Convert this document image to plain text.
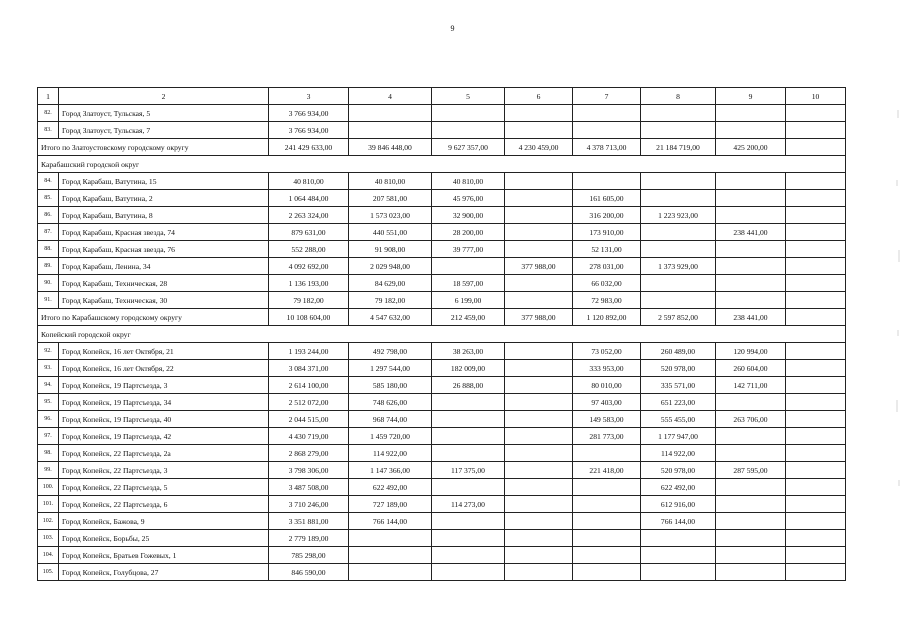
9
1	2	3	4	5	6	7	8	9	10
82.	Город Златоуст, Тульская, 5	3 766 934,00							
83.	Город Златоуст, Тульская, 7	3 766 934,00							
Итого по Златоустовскому городскому округу		241 429 633,00	39 846 448,00	9 627 357,00	4 230 459,00	4 378 713,00	21 184 719,00	425 200,00	
Карабашский городской округ									
84.	Город Карабаш, Ватутина, 15	40 810,00	40 810,00	40 810,00					
85.	Город Карабаш, Ватутина, 2	1 064 484,00	207 581,00	45 976,00		161 605,00			
86.	Город Карабаш, Ватутина, 8	2 263 324,00	1 573 023,00	32 900,00		316 200,00	1 223 923,00		
87.	Город Карабаш, Красная звезда, 74	879 631,00	440 551,00	28 200,00		173 910,00		238 441,00	
88.	Город Карабаш, Красная звезда, 76	552 288,00	91 908,00	39 777,00		52 131,00			
89.	Город Карабаш, Ленина, 34	4 092 692,00	2 029 948,00		377 988,00	278 031,00	1 373 929,00		
90.	Город Карабаш, Техническая, 28	1 136 193,00	84 629,00	18 597,00		66 032,00			
91.	Город Карабаш, Техническая, 30	79 182,00	79 182,00	6 199,00		72 983,00			
Итого по Карабашскому городскому округу		10 108 604,00	4 547 632,00	212 459,00	377 988,00	1 120 892,00	2 597 852,00	238 441,00	
Копейский городской округ									
92.	Город Копейск, 16 лет Октября, 21	1 193 244,00	492 798,00	38 263,00		73 052,00	260 489,00	120 994,00	
93.	Город Копейск, 16 лет Октября, 22	3 084 371,00	1 297 544,00	182 009,00		333 953,00	520 978,00	260 604,00	
94.	Город Копейск, 19 Партсъезда, 3	2 614 100,00	585 180,00	26 888,00		80 010,00	335 571,00	142 711,00	
95.	Город Копейск, 19 Партсъезда, 34	2 512 072,00	748 626,00			97 403,00	651 223,00		
96.	Город Копейск, 19 Партсъезда, 40	2 044 515,00	968 744,00			149 583,00	555 455,00	263 706,00	
97.	Город Копейск, 19 Партсъезда, 42	4 430 719,00	1 459 720,00			281 773,00	1 177 947,00		
98.	Город Копейск, 22 Партсъезда, 2а	2 868 279,00	114 922,00				114 922,00		
99.	Город Копейск, 22 Партсъезда, 3	3 798 306,00	1 147 366,00	117 375,00		221 418,00	520 978,00	287 595,00	
100.	Город Копейск, 22 Партсъезда, 5	3 487 508,00	622 492,00				622 492,00		
101.	Город Копейск, 22 Партсъезда, 6	3 710 246,00	727 189,00	114 273,00			612 916,00		
102.	Город Копейск, Бажова, 9	3 351 881,00	766 144,00				766 144,00		
103.	Город Копейск, Борьбы, 25	2 779 189,00							
104.	Город Копейск, Братьев Гожевых, 1	785 298,00							
105.	Город Копейск, Голубцова, 27	846 590,00							
